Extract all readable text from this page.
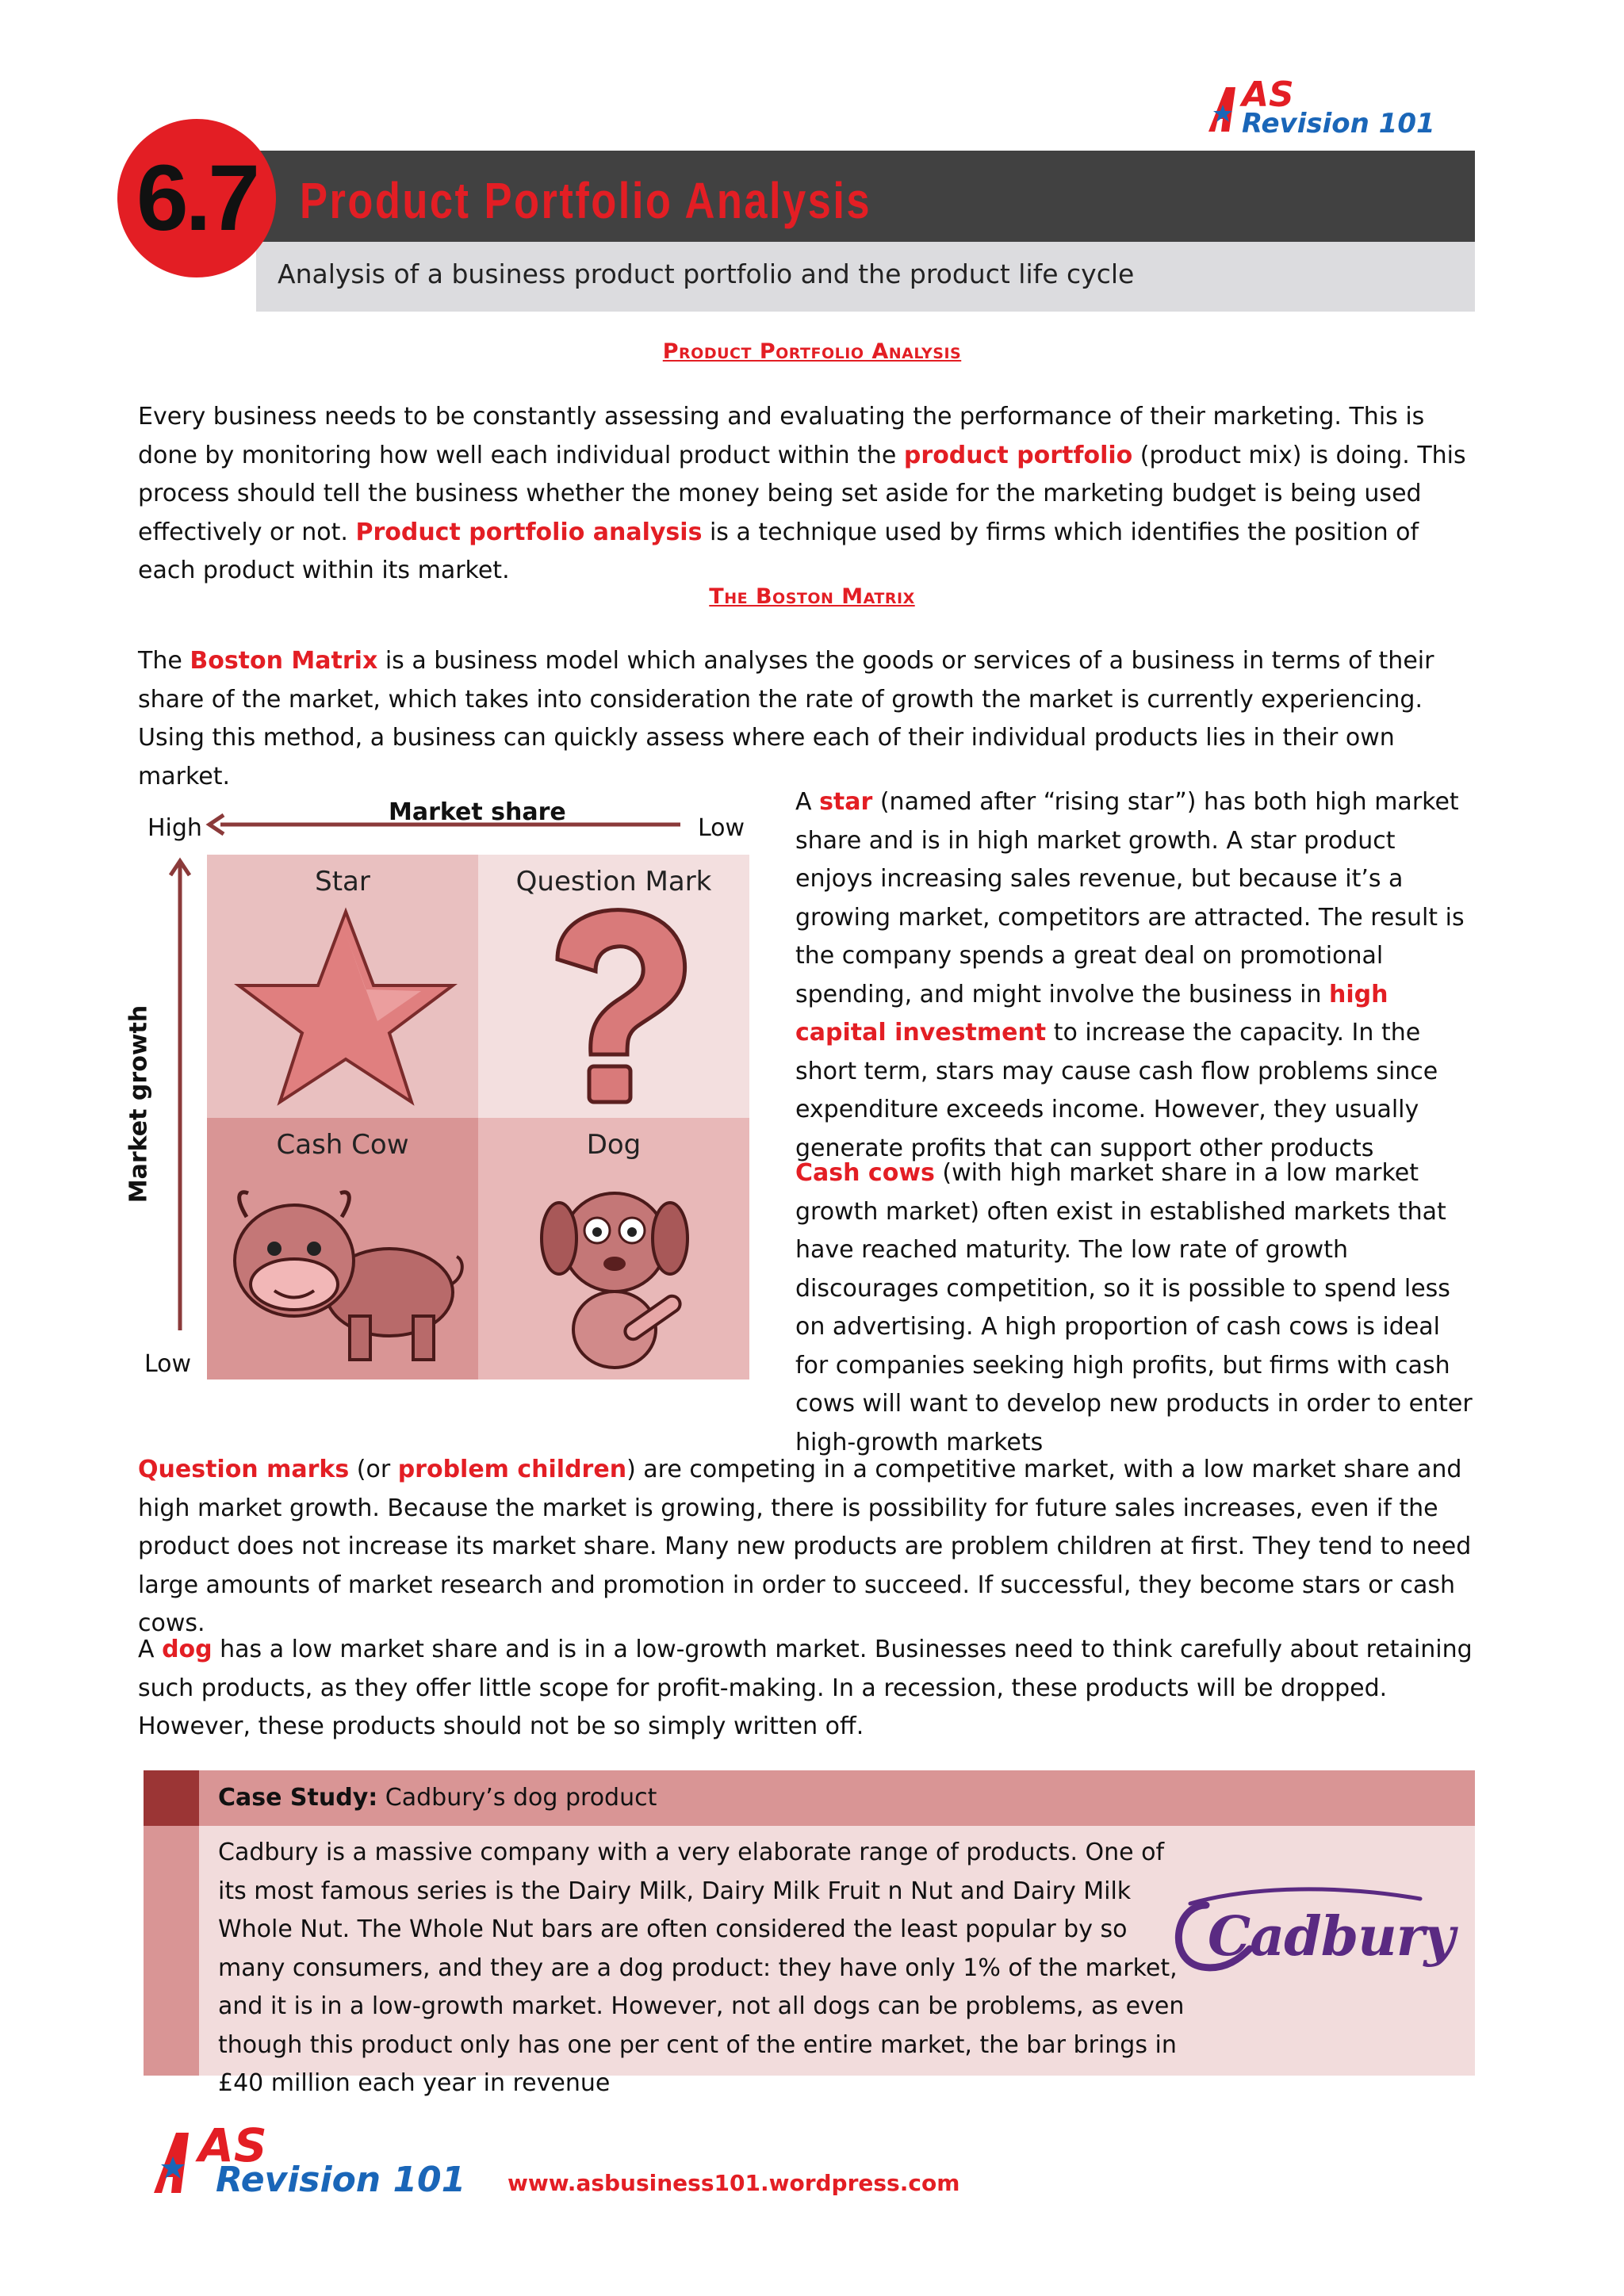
AS
Revision 101
Product Portfolio Analysis
Analysis of a business product portfolio and the product life cycle
6.7
Product Portfolio Analysis

Every business needs to be constantly assessing and evaluating the performance of their marketing. This is done by monitoring how well each individual product within the product portfolio (product mix) is doing. This process should tell the business whether the money being set aside for the marketing budget is being used effectively or not. Product portfolio analysis is a technique used by firms which identifies the position of each product within its market.

The Boston Matrix

The Boston Matrix is a business model which analyses the goods or services of a business in terms of their share of the market, which takes into consideration the rate of growth the market is currently experiencing. Using this method, a business can quickly assess where each of their individual products lies in their own market.

Market share
High	Low
Market growth
Low
Star	Question Mark
Cash Cow	Dog

A star (named after “rising star”) has both high market share and is in high market growth. A star product enjoys increasing sales revenue, but because it’s a growing market, competitors are attracted. The result is the company spends a great deal on promotional spending, and might involve the business in high capital investment to increase the capacity. In the short term, stars may cause cash flow problems since expenditure exceeds income. However, they usually generate profits that can support other products

Cash cows (with high market share in a low market growth market) often exist in established markets that have reached maturity. The low rate of growth discourages competition, so it is possible to spend less on advertising. A high proportion of cash cows is ideal for companies seeking high profits, but firms with cash cows will want to develop new products in order to enter high-growth markets

Question marks (or problem children) are competing in a competitive market, with a low market share and high market growth. Because the market is growing, there is possibility for future sales increases, even if the product does not increase its market share. Many new products are problem children at first. They tend to need large amounts of market research and promotion in order to succeed. If successful, they become stars or cash cows.

A dog has a low market share and is in a low-growth market. Businesses need to think carefully about retaining such products, as they offer little scope for profit-making. In a recession, these products will be dropped. However, these products should not be so simply written off.

Case Study: Cadbury’s dog product

Cadbury is a massive company with a very elaborate range of products. One of its most famous series is the Dairy Milk, Dairy Milk Fruit n Nut and Dairy Milk Whole Nut. The Whole Nut bars are often considered the least popular by so many consumers, and they are a dog product: they have only 1% of the market, and it is in a low-growth market. However, not all dogs can be problems, as even though this product only has one per cent of the entire market, the bar brings in £40 million each year in revenue

Cadbury
AS
Revision 101 www.asbusiness101.wordpress.com
